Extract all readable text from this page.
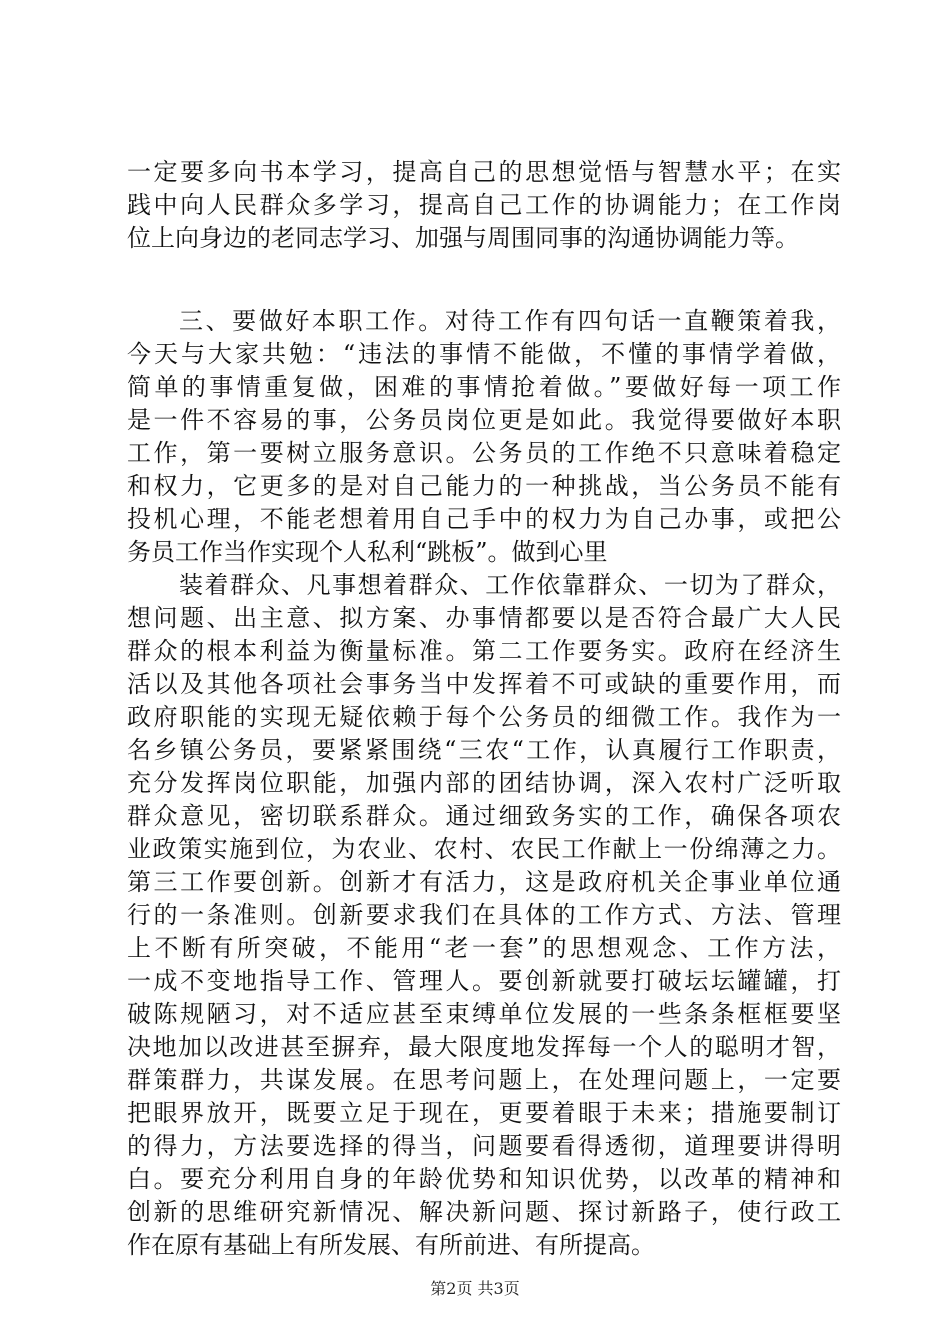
一定要多向书本学习，提高自己的思想觉悟与智慧水平；在实
践中向人民群众多学习，提高自己工作的协调能力；在工作岗
位上向身边的老同志学习、加强与周围同事的沟通协调能力等。
三、要做好本职工作。对待工作有四句话一直鞭策着我，
今天与大家共勉：“违法的事情不能做，不懂的事情学着做，
简单的事情重复做，困难的事情抢着做。”要做好每一项工作
是一件不容易的事，公务员岗位更是如此。我觉得要做好本职
工作，第一要树立服务意识。公务员的工作绝不只意味着稳定
和权力，它更多的是对自己能力的一种挑战，当公务员不能有
投机心理，不能老想着用自己手中的权力为自己办事，或把公
务员工作当作实现个人私利“跳板”。做到心里
装着群众、凡事想着群众、工作依靠群众、一切为了群众，
想问题、出主意、拟方案、办事情都要以是否符合最广大人民
群众的根本利益为衡量标准。第二工作要务实。政府在经济生
活以及其他各项社会事务当中发挥着不可或缺的重要作用，而
政府职能的实现无疑依赖于每个公务员的细微工作。我作为一
名乡镇公务员，要紧紧围绕“三农“工作，认真履行工作职责，
充分发挥岗位职能，加强内部的团结协调，深入农村广泛听取
群众意见，密切联系群众。通过细致务实的工作，确保各项农
业政策实施到位，为农业、农村、农民工作献上一份绵薄之力。
第三工作要创新。创新才有活力，这是政府机关企事业单位通
行的一条准则。创新要求我们在具体的工作方式、方法、管理
上不断有所突破，不能用“老一套”的思想观念、工作方法，
一成不变地指导工作、管理人。要创新就要打破坛坛罐罐，打
破陈规陋习，对不适应甚至束缚单位发展的一些条条框框要坚
决地加以改进甚至摒弃，最大限度地发挥每一个人的聪明才智，
群策群力，共谋发展。在思考问题上，在处理问题上，一定要
把眼界放开，既要立足于现在，更要着眼于未来；措施要制订
的得力，方法要选择的得当，问题要看得透彻，道理要讲得明
白。要充分利用自身的年龄优势和知识优势，以改革的精神和
创新的思维研究新情况、解决新问题、探讨新路子，使行政工
作在原有基础上有所发展、有所前进、有所提高。
第2页 共3页
